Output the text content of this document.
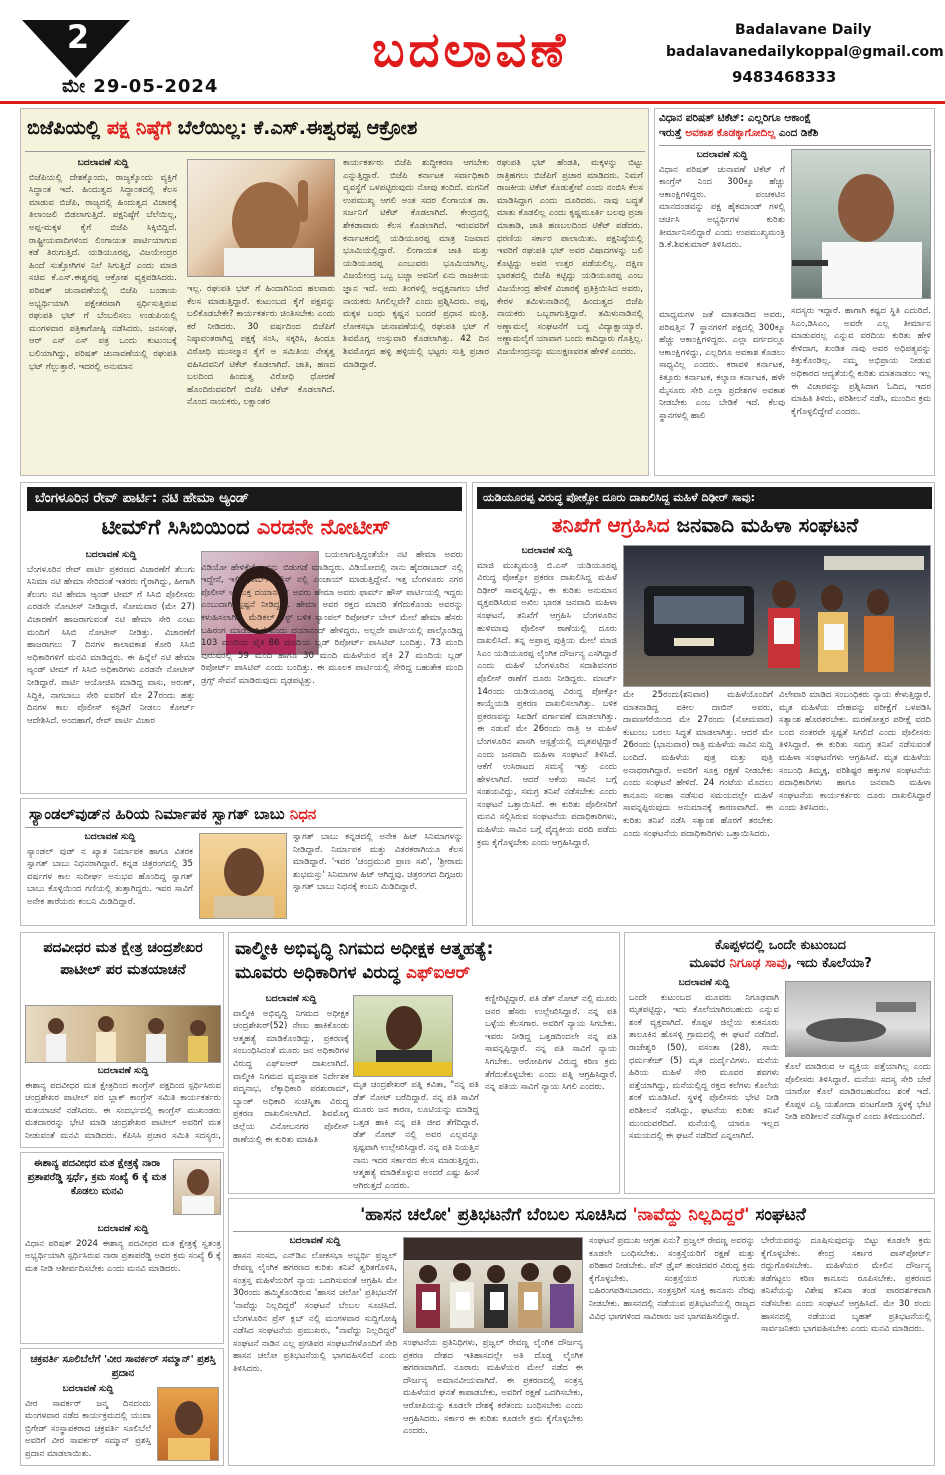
2
ಮೇ 29-05-2024
ಬದಲಾವಣೆ	Badalavane Daily
badalavanedailykoppal@gmail.com
9483468333
ಬಿಜೆಪಿಯಲ್ಲಿ ಪಕ್ಷ ನಿಷ್ಠೆಗೆ ಬೆಲೆಯಿಲ್ಲ: ಕೆ.ಎಸ್.ಈಶ್ವರಪ್ಪ ಆಕ್ರೋಶ
ಬದಲಾವಣೆ ಸುದ್ದಿ
ಬಿಜೆಪಿಯಲ್ಲಿ ದೇಶಕ್ಕೊಂದು, ರಾಜ್ಯಕ್ಕೊಂದು ವ್ಯಕ್ತಿಗೆ ಸಿದ್ಧಾಂತ ಇದೆ. ಹಿಂದುತ್ವದ ಸಿದ್ಧಾಂತದಲ್ಲಿ ಕೆಲಸ ಮಾಡುವ ಬಿಜೆಪಿ, ರಾಜ್ಯದಲ್ಲಿ ಹಿಂದುತ್ವದ ವಿಚಾರಕ್ಕೆ ತಿಲಾಂಜಲಿ ಬಿಡಲಾಗುತ್ತಿದೆ. ಪಕ್ಷನಿಷ್ಠೆಗೆ ಬೆಲೆಯಿಲ್ಲ, ಅಪ್ಪ-ಮಕ್ಕಳ ಕೈಗೆ ಬಿಜೆಪಿ ಸಿಕ್ಕಿಬಿದ್ದಿದೆ. ರಾಷ್ಟ್ರೀಯವಾದಿಗಳಿಂದ ಲಿಂಗಾಯತ ಪಾರ್ಟಿಯಾಗುವ ಕಡೆ ತಿರುಗುತ್ತಿದೆ. ಯಡಿಯೂರಪ್ಪ, ವಿಜಯೇಂದ್ರರ ಹಿಂದೆ ಸುತ್ತೋಗಿಗಳ ನಿಲೆ ಸಿಗುತ್ತಿದೆ ಎಂದು ಮಾಜಿ ಸಚಿವ ಕೆ.ಎಸ್.ಈಶ್ವರಪ್ಪ ಆಕ್ರೋಶ ವ್ಯಕ್ತಪಡಿಸಿದರು. ಪರಿಷತ್ ಚುನಾವಣೆಯಲ್ಲಿ ಬಿಜೆಪಿ ಬಂಡಾಯ ಅಭ್ಯರ್ಥಿಯಾಗಿ ಪಕ್ಷೇತರವಾಗಿ ಸ್ಪರ್ಧಿಸುತ್ತಿರುವ ರಘುಪತಿ ಭಟ್ ಗೆ ಬೆಂಬಲಿಸಲು ಉಡುಪಿಯಲ್ಲಿ ಮಂಗಳವಾರ ಪತ್ರಿಕಾಗೋಷ್ಠಿ ನಡೆಸಿದರು. ಜನಸಂಘ, ಆರ್ ಎಸ್ ಎಸ್ ಪತ್ರ ಒಂದು ಕುಟುಂಬಕ್ಕೆ ಬಲಿಯಾಗಿದ್ದು, ಪರಿಷತ್ ಚುನಾವಣೆಯಲ್ಲಿ ರಘುಪತಿ ಭಟ್ ಗೆಲ್ಲುತ್ತಾರೆ. ಇದರಲ್ಲಿ ಅನುಮಾನ
ಇಲ್ಲ. ರಘುಪತಿ ಭಟ್ ಗೆ ಹಿಂದಾಗಿನಿಂದ ಹಲವಾರು ಕೆಲಸ ಮಾಡುತ್ತಿದ್ದಾರೆ. ಕುಟುಂಬದ ಕೈಗೆ ಪಕ್ಷವನ್ನು ಬಲಿಕೊಡಬೇಕೇ? ಕಾರ್ಯಕರ್ತರು ಚಿಂತಿಸಬೇಕು ಎಂದು ಕರೆ ನೀಡಿದರು. 30 ವರ್ಷದಿಂದ ಬಿಜೆಪಿಗೆ ನಿಷ್ಠಾವಂತರಾಗಿದ್ದ ಪಕ್ಷಕ್ಕೆ ಸಂಸಿ, ಸಕ್ಕರಿಸಿ, ಹಿಂದೂ ವಿರೋಧಿ ಮುಸಲ್ಮಾನ ಕೈಗೆ ಅ ಸಮಿತಿಯ ನೇತೃತ್ವ ವಹಿಸಿದವನಿಗೆ ಟಿಕೆಟ್ ಕೊಡಲಾಗಿದೆ. ಜಾತಿ, ಹಣದ ಬಲದಿಂದ ಹಿಂದುತ್ವ ವಿರೋಧಿ ಧೋರಣೆ ಹೊಂದಿರುವವರಿಗೆ ಬಿಜೆಪಿ ಟಿಕೆಟ್ ಕೊಡಲಾಗಿದೆ. ನೊಂದ ನಾಯಕರು, ಲಕ್ಷಾಂತರ
ಕಾರ್ಯಕರ್ತರು ಬಿಜೆಪಿ ಶುದ್ಧೀಕರಣ ಆಗಬೇಕು ಎನ್ನುತ್ತಿದ್ದಾರೆ. ಬಿಜೆಪಿ ಕರ್ನಾಟಕ ಸರ್ವಾಧಿಕಾರಿ ವ್ಯವಸ್ಥೆಗೆ ಒಳಪಟ್ಟಿರುವುದು ನೋವು ತಂದಿದೆ. ಮಗನಿಗೆ ಉಪಮುಖ್ಯ ಆಗಲಿ ಅಂತ ಸದರ ಲಿಂಗಾಯತ ಡಾ. ಸರ್ಜನಿಗೆ ಟಿಕೆಟ್ ಕೊಡಲಾಗಿದೆ. ಕೇಂದ್ರದಲ್ಲಿ ಶೇಕಡಾವಾರು ಕೆಲಸ ಕೊಡಲಾಗಿದೆ. ಇರುವವರಿಗೆ ಕರ್ನಾಟಕದಲ್ಲಿ ಯಡಿಯೂರಪ್ಪ ಮಾತ್ರ ನಿಜವಾದ ಭೂಮಿಯಲ್ಲಿದ್ದಾರೆ. ಲಿಂಗಾಯತ ಜಾತಿ ಮತ್ತು ಯಡಿಯೂರಪ್ಪ ಎಂಬುವರು ಭೂಮಿಯಾಗಿಲ್ಲ. ವಿಜಯೇಂದ್ರ ಒಬ್ಬ ಬಚ್ಚಾ ಅವನಿಗೆ ಏನು ರಾಜಕೀಯ ಜ್ಞಾನ ಇದೆ. ಅದು ತಿಂಗಳಲ್ಲಿ ಅಧ್ಯಕ್ಷನಾಗಲು ಬೇರೆ ನಾಯಕರು ಸಿಗಲಿಲ್ಲವೇ? ಎಂದು ಪ್ರಶ್ನಿಸಿದರು. ಅಪ್ಪ, ಮಕ್ಕಳ ಬಂಧು ಕೃಷ್ಣನ ಬಂದರೆ ಪ್ರಧಾನ ಮಂತ್ರಿ. ಲೋಕಸಭಾ ಚುನಾವಣೆಯಲ್ಲಿ ರಘುಪತಿ ಭಟ್ ಗೆ ಶಿವಮೊಗ್ಗ ಉಸ್ತುವಾರಿ ಕೊಡಲಾಗಿತ್ತು. 42 ದಿನ ಶಿವಮೊಗ್ಗದ ಹಳ್ಳಿ ಹಳ್ಳಿಯಲ್ಲಿ ಭಟ್ಟರು ಸುತ್ತಿ ಪ್ರಚಾರ ಮಾಡಿದ್ದಾರೆ.
ರಘುಪತಿ ಭಟ್ ಹೆಂಡತಿ, ಮಕ್ಕಳನ್ನು ಬಿಟ್ಟು ರಾತ್ರಿಹಗಲು ಬಿಜೆಪಿಗೆ ಪ್ರಚಾರ ಮಾಡಿದರು. ನಿಮಗೆ ರಾಜಕೀಯ ಟಿಕೆಟ್ ಕೊಡುತ್ತೇವೆ ಎಂದು ನಂಬಿಸಿ ಕೆಲಸ ಮಾಡಿಸಿದ್ದಾಗ ಎಂದು ದೂರಿದರು. ನಾವು ಬದ್ಧತೆ ಮಾತು ಕೊಡಲಿಲ್ಲ ಎಂದು ಕೃಷ್ಣಮೂರ್ತಿ ಬಲವು ಪ್ರಜಾ ಮಾತಾಡಿ, ಜಾತಿ ಹಣಬಲದಿಂದ ಟಿಕೆಟ್ ಪಡೆದರು. ಧರಣಿಯ ಸರ್ಕಾರ ಪಾಲಾಯಿತು. ಪಕ್ಷನಿಷ್ಠೆಯಲ್ಲಿ ಇವರಿಗೆ ರಘುಪತಿ ಭಟ್ ಅವರ ವಿಷಾದಗಳನ್ನು ಬಲಿ ಕೊಟ್ಟಿದ್ದು ಅವರ ಉತ್ತರ ಪಡೆಯಲಿಲ್ಲ. ದಕ್ಷಿಣ ಭಾರತದಲ್ಲಿ ಬಿಜೆಪಿ ಕಟ್ಟಿದ್ದು ಯಡಿಯೂರಪ್ಪ ಎಂಬ ವಿಜಯೇಂದ್ರ ಹೇಳಿಕೆ ವಿಚಾರಕ್ಕೆ ಪ್ರತಿಕ್ರಿಯಿಸಿದ ಅವರು, ಕೇರಳ ತಮಿಳುನಾಡಿನಲ್ಲಿ ಹಿಂದುತ್ವದ ಬಿಜೆಪಿ ನಾಯಕರು ಒಬ್ಬರಾಗುತ್ತಿದ್ದಾರೆ. ತಮಿಳುನಾಡಿನಲ್ಲಿ ಅಣ್ಣಾಮಲೈ ಸಂಘಟನೆಗೆ ಬದ್ಧ ವಿದ್ಯಾಕ್ಷಾಯ್ಯಾರೆ. ಅಣ್ಣಾಮಲೈಗೆ ಯಾವಾಗ ಬಂದು ಕಾದಿದ್ದಾರು ಗೊತ್ತಿಲ್ಲ. ವಿಜಯೇಂದ್ರನನ್ನು ಮುಲಕ್ಷಣವರತ ಹೇಳಿಕೆ ಎಂದರು.
ವಿಧಾನ ಪರಿಷತ್ ಟಿಕೆಟ್: ಎಲ್ಲರಿಗೂ ಆಕಾಂಕ್ಷೆ
ಇರುತ್ತೆ ಅವಕಾಶ ಕೊಡಕ್ಕಾಗೋದಿಲ್ಲ ಎಂದ ಡಿಕೆಶಿ
ಬದಲಾವಣೆ ಸುದ್ದಿ
ವಿಧಾನ ಪರಿಷತ್ ಚುನಾವಣೆ ಟಿಕೆಟ್ ಗೆ ಕಾಂಗ್ರೆಸ್ ನಿಂದ 300ಕ್ಕೂ ಹೆಚ್ಚು ಆಕಾಂಕ್ಷಿಗಳಿದ್ದರು. ಪಂಚಕಟಿನ ಮಾನದಂಡವನ್ನು ಪಕ್ಷ ಹೈಕಮಾಂಡ್ ಗಳಲ್ಲಿ ಚರ್ಚಿಸಿ ಅಭ್ಯರ್ಥಿಗಳ ಕುರಿತು ತೀರ್ಮಾನಿಸಲಿದ್ದಾರೆ ಎಂದು ಉಪಮುಖ್ಯಮಂತ್ರಿ ಡಿ.ಕೆ.ಶಿವಕುಮಾರ್ ತಿಳಿಸಿದರು.
ಮಾಧ್ಯಮಗಳ ಜತೆ ಮಾತನಾಡಿದ ಅವರು, ಪರಿಷತ್ತಿನ 7 ಸ್ಥಾನಗಳಿಗೆ ಪಕ್ಷದಲ್ಲಿ 300ಕ್ಕೂ ಹೆಚ್ಚು ಆಕಾಂಕ್ಷಿಗಳಿದ್ದರು. ಎಲ್ಲಾ ವರ್ಗದಲ್ಲೂ ಆಕಾಂಕ್ಷಿಗಳಿದ್ದು, ಎಲ್ಲರಿಗೂ ಅವಕಾಶ ಕೊಡಲು ಸಾಧ್ಯವಿಲ್ಲ ಎಂದರು. ಕರಾವಳಿ ಕರ್ನಾಟಕ, ಕಿತ್ತೂರು ಕರ್ನಾಟಕ, ಕಲ್ಯಾಣ ಕರ್ನಾಟಕ, ಹಳೇ ಮೈಸೂರು ಸೇರಿ ಎಲ್ಲಾ ಪ್ರದೇಶಗಳ ಅವಕಾಶ ನೀಡಬೇಕು ಎಂಬ ಬೇಡಿಕೆ ಇದೆ. ಕೆಲವು ಸ್ಥಾನಗಳಲ್ಲಿ ಹಾಲಿ
ಸದಸ್ಯರು ಇದ್ದಾರೆ. ಹಾಗಾಗಿ ಕಷ್ಟದ ಸ್ಥಿತಿ ಎದುರಿದೆ. ಸಿಎಂ,ಡಿಸಿಎಂ, ಅವರೇ ಎಲ್ಲ ತೀರ್ಮಾನ ಮಾಡುವರಲ್ಲ ಎನ್ನುವ ವರದಿಯ ಕುರಿತು ಹೇಳಿ ಕೇಳಿದಾಗ, ಖಂಡಿತ ನಾವು ಅವರ ಅಧಿಪತ್ಯವನ್ನು ಕಿತ್ತುಕೊಂಡಿಲ್ಲ. ನಮ್ಮ ಅಭಿಪ್ರಾಯ ನೀಡುವ ಅಧಿಕಾರದ ಆದ್ಯತೆಯಲ್ಲಿ ಕುರಿತು ಮಾತನಾಡಲು ಇಲ್ಲ ಈ ವಿಚಾರವನ್ನು ಪ್ರಶ್ನಿಸಿದಾಗ ಓದಿದ, ಇದರ ಮಾಹಿತಿ ತಿಳಿದು, ಪರಿಶೀಲನೆ ನಡೆಸಿ, ಮುಂದಿನ ಕ್ರಮ ಕೈಗೊಳ್ಳಲಿದ್ದೇವೆ ಎಂದರು.
ಬೆಂಗಳೂರಿನ ರೇವ್ ಪಾರ್ಟಿ: ನಟಿ ಹೇಮಾ ಅ್ಯಂಡ್
ಟೀಮ್‌ಗೆ ಸಿಸಿಬಿಯಿಂದ ಎರಡನೇ ನೋಟೀಸ್
ಬದಲಾವಣೆ ಸುದ್ದಿ
ಬೆಂಗಳೂರಿನ ರೇವ್ ಪಾರ್ಟಿ ಪ್ರಕರಣದ ವಿಚಾರಣೆಗೆ ತೆಲುಗು ಸಿನಿಮಾ ನಟಿ ಹೇಮಾ ಸೇರಿದಂತೆ ಇತರರು ಗೈರಾಗಿದ್ದು, ಹೀಗಾಗಿ ತೆಲುಗು ನಟಿ ಹೇಮಾ ಆ್ಯಂಡ್ ಟೀಮ್ ಗೆ ಸಿಸಿಬಿ ಪೊಲೀಸರು ಎರಡನೇ ನೋಟೀಸ್ ನೀಡಿದ್ದಾರೆ. ಸೋಮವಾರ (ಮೇ 27) ವಿಚಾರಣೆಗೆ ಹಾಜರಾಗುವಂತೆ ನಟಿ ಹೇಮಾ ಸೇರಿ ಎಂಟು ಮಂದಿಗೆ ಸಿಸಿಬಿ ನೋಟೀಸ್ ನೀಡಿತ್ತು. ವಿಚಾರಣೆಗೆ ಹಾಜರಾಗಲು 7 ದಿನಗಳ ಕಾಲಾವಕಾಶ ಕೋರಿ ಸಿಸಿಬಿ ಅಧಿಕಾರಿಗಳಿಗೆ ಮನವಿ ಮಾಡಿದ್ದರು. ಈ ಹಿನ್ನೆಲೆ ನಟಿ ಹೇಮಾ ಅ್ಯಂಡ್ ಟೀಮ್ ಗೆ ಸಿಸಿಬಿ ಅಧಿಕಾರಿಗಳು ಎರಡನೇ ನೋಟೀಸ್ ನೀಡಿದ್ದಾರೆ. ಪಾರ್ಟಿ ಆಯೋಜಿಸಿ ಮಾಡಿದ್ದ ವಾಸು, ಅರುಣ್, ಸಿದ್ದಿಕಿ, ನಾಗಬಾಬು ಸೇರಿ ಐವರಿಗೆ ಮೇ 27ರಂದು ಹತ್ತು ದಿನಗಳ ಕಾಲ ಪೊಲೀಸ್ ಕಸ್ಟಡಿಗೆ ನೀಡಲು ಕೋರ್ಟ್ ಆದೇಶಿಸಿದೆ. ಅಂದಹಾಗೆ, ರೇವ್ ಪಾರ್ಟಿ ವಿಚಾರ
ಬಯಲಾಗುತ್ತಿದ್ದಂತೆಯೇ ನಟಿ ಹೇಮಾ ಅವರು ವಿಡಿಯೋ ಹೇಳಿಕೆಯೊಂದನ್ನು ಬಿಡುಗಡೆ ಮಾಡಿದ್ದರು. ವಿಡಿಯೋದಲ್ಲಿ ನಾನು ಹೈದರಾಬಾದ್ ನಲ್ಲಿ ಇದ್ದೇನೆ, ಇಲ್ಲಿ ಫಾರ್ಮ್ ಹೌಸ್ ನಲ್ಲಿ ಎಂಜಾಯ್ ಮಾಡುತ್ತಿದ್ದೇನೆ. ಇತ್ತ ಬೆಂಗಳೂರು ನಗರ ಪೊಲೀಸ್ ಆಯುಕ್ತ ದಯಾನಂದ್ ಅವರು ಹೇಮಾ ಅವರು ಫಾರ್ಮ್ ಹೌಸ್ ಪಾರ್ಟಿಯಲ್ಲಿ ಇದ್ದರು ಎಂಬುದಾಗಿ ಸ್ಪಷ್ಟನೆ ನೀಡಿದ್ದರು. ಹೇಮಾ ಅವರ ರಕ್ತದ ಮಾದರಿ ತೆಗೆದುಕೊಂಡು ಅವರನ್ನು ಕಳುಹಿಸಲಾಗಿದೆ, ಮೆಡಿಕಲ್ ಟೆಸ್ಟ್ ಬಳಿಕ ಸ್ಯಾಂಪಲ್ ರಿಪೋರ್ಟ್ ಬೇಲ್ ಮೇಲೆ ಹೇಮಾ ಹೆಸರು ಬಹಿರಂಗ ಮಾಡಲಾಗಿದೆ ಎಂದು ದಯಾನಂದ್ ಹೇಳಿದ್ದರು. ಅಲ್ಲದೇ ಪಾರ್ಟಿಯಲ್ಲಿ ಪಾಲ್ಗೊಂಡಿದ್ದ 103 ಮಂದಿಯ ಪೈಕಿ 86 ಮಂದಿಯ ಬ್ಲಡ್ ರಿಪೋರ್ಟ್ ಪಾಸಿಟಿವ್ ಬಂದಿತ್ತು. 73 ಮಂದಿ ಪುರುಷರಲ್ಲಿ 59 ಮಂದಿ ಹಾಗೂ 30 ಮಂದಿ ಮಹಿಳೆಯರ ಪೈಕಿ 27 ಮಂದಿಯ ಬ್ಲಡ್ ರಿಪೋರ್ಟ್ ಪಾಸಿಟಿವ್ ಎಂದು ಬಂದಿತ್ತು. ಈ ಮೂಲಕ ಪಾರ್ಟಿಯಲ್ಲಿ ಸೇರಿದ್ದ ಬಹುತೇಕ ಮಂದಿ ಡ್ರಗ್ಸ್ ಸೇವನೆ ಮಾಡಿರುವುದು ದೃಢಪಟ್ಟಿತ್ತು.
ಸ್ಯಾಂಡಲ್‌ವುಡ್‌ನ ಹಿರಿಯ ನಿರ್ಮಾಪಕ ಸ್ವಾಗತ್ ಬಾಬು ನಿಧನ
ಬದಲಾವಣೆ ಸುದ್ದಿ
ಸ್ಯಾಂಡಲ್ ವುಡ್ ನ ಖ್ಯಾತ ನಿರ್ಮಾಪಕ ಹಾಗೂ ವಿತರಕ ಸ್ವಾಗತ್ ಬಾಬು ನಿಧನರಾಗಿದ್ದಾರೆ. ಕನ್ನಡ ಚಿತ್ರರಂಗದಲ್ಲಿ 35 ವರ್ಷಗಳ ಕಾಲ ಸುದೀರ್ಘ ಅನುಭವ ಹೊಂದಿದ್ದ ಸ್ವಾಗತ್ ಬಾಬು ಕೊಳ್ಳಿಯಿಂದ ಗಣಿಯಲ್ಲಿ ತುತ್ತಾಗಿದ್ದರು. ಇವರ ಸಾವಿಗೆ ಅನೇಕ ತಾರೆಯರು ಕಂಬನಿ ಮಿಡಿದಿದ್ದಾರೆ.
ಸ್ವಾಗತ್ ಬಾಬು ಕನ್ನಡದಲ್ಲಿ ಅನೇಕ ಹಿಟ್ ಸಿನಿಮಾಗಳನ್ನು ನೀಡಿದ್ದಾರೆ. ನಿರ್ಮಾಪಕ ಮತ್ತು ವಿತರಕರಾಗಿಯೂ ಕೆಲಸ ಮಾಡಿದ್ದಾರೆ. 'ಇವರ 'ಚಂದ್ರಮುಖಿ ಪ್ರಾಣ ಸಖಿ', 'ಶ್ರೀರಾಮ ಶುಭಮಸ್ತು' ಸಿನಿಮಾಗಳ ಹಿಟ್ ಆಗಿದ್ದವು. ಚಿತ್ರರಂಗದ ದಿಗ್ಗಜರು ಸ್ವಾಗತ್ ಬಾಬು ನಿಧನಕ್ಕೆ ಕಂಬನಿ ಮಿಡಿದಿದ್ದಾರೆ.
ಯಡಿಯೂರಪ್ಪ ವಿರುದ್ಧ ಪೋಕ್ಸೋ ದೂರು ದಾಖಲಿಸಿದ್ದ ಮಹಿಳೆ ದಿಢೀರ್ ಸಾವು:
ತನಿಖೆಗೆ ಆಗ್ರಹಿಸಿದ ಜನವಾದಿ ಮಹಿಳಾ ಸಂಘಟನೆ
ಬದಲಾವಣೆ ಸುದ್ದಿ
ಮಾಜಿ ಮುಖ್ಯಮಂತ್ರಿ ಬಿ.ಎಸ್ ಯಡಿಯೂರಪ್ಪ ವಿರುದ್ಧ ಪೋಕ್ಸೋ ಪ್ರಕರಣ ದಾಖಲಿಸಿದ್ದ ಮಹಿಳೆ ದಿಢೀರ್ ಸಾವನ್ನಪ್ಪಿದ್ದು, ಈ ಕುರಿತು ಅನುಮಾನ ವ್ಯಕ್ತಪಡಿಸಿರುವ ಅಖಿಲ ಭಾರತ ಜನವಾದಿ ಮಹಿಳಾ ಸಂಘಟನೆ, ತನಿಖೆಗೆ ಆಗ್ರಹಿಸಿ ಬೆಂಗಳೂರಿನ ಹುಳಿಮಾವು ಪೊಲೀಸ್ ಠಾಣೆಯಲ್ಲಿ ದೂರು ದಾಖಲಿಸಿದೆ. ತನ್ನ ಅಪ್ರಾಪ್ತ ಪುತ್ರಿಯ ಮೇಲೆ ಮಾಜಿ ಸಿಎಂ ಯಡಿಯೂರಪ್ಪ ಲೈಂಗಿಕ ದೌರ್ಜನ್ಯ ಎಸಗಿದ್ದಾರೆ ಎಂದು ಮಹಿಳೆ ಬೆಂಗಳೂರಿನ ಸದಾಶಿವನಗರ ಪೊಲೀಸ್ ಠಾಣೆಗೆ ದೂರು ನೀಡಿದ್ದರು. ಮಾರ್ಚ್ 14ರಂದು ಯಡಿಯೂರಪ್ಪ ವಿರುದ್ಧ ಪೋಕ್ಸೋ ಕಾಯ್ದೆಯಡಿ ಪ್ರಕರಣ ದಾಖಲಿಸಲಾಗಿತ್ತು. ಬಳಿಕ ಪ್ರಕರಣವನ್ನು ಸಿಐಡಿಗೆ ವರ್ಗಾವಣೆ ಮಾಡಲಾಗಿತ್ತು. ಈ ನಡುವೆ ಮೇ 26ರಂದು ರಾತ್ರಿ ಆ ಮಹಿಳೆ ಬೆಂಗಳೂರಿನ ಖಾಸಗಿ ಆಸ್ಪತ್ರೆಯಲ್ಲಿ ಮೃತಪಟ್ಟಿದ್ದಾರೆ ಎಂದು ಜನವಾದಿ ಮಹಿಳಾ ಸಂಘಟನೆ ತಿಳಿಸಿದೆ. ಆಕೆಗೆ ಉಸಿರಾಟದ ಸಮಸ್ಯೆ ಇತ್ತು ಎಂದು ಹೇಳಲಾಗಿದೆ. ಆದರೆ ಆಕೆಯ ಸಾವಿನ ಬಗ್ಗೆ ಸಂಶಯವಿದ್ದು, ಸಮಗ್ರ ತನಿಖೆ ನಡೆಸಬೇಕು ಎಂದು ಸಂಘಟನೆ ಒತ್ತಾಯಿಸಿದೆ. ಈ ಕುರಿತು ಪೊಲೀಸರಿಗೆ ಮನವಿ ಸಲ್ಲಿಸಿರುವ ಸಂಘಟನೆಯ ಪದಾಧಿಕಾರಿಗಳು, ಮಹಿಳೆಯ ಸಾವಿನ ಬಗ್ಗೆ ವೈದ್ಯಕೀಯ ವರದಿ ಪಡೆದು ಕ್ರಮ ಕೈಗೊಳ್ಳಬೇಕು ಎಂದು ಆಗ್ರಹಿಸಿದ್ದಾರೆ.
ಮೇ 25ರಂದು(ಶನಿವಾರ) ಮಹಿಳೆಯೊಂದಿಗೆ ಮಾತನಾಡಿದ್ದ ವಕೀಲ ದಾಬಿನ್ ಅವರು, ದಾವಣಗೆರೆಯಿಂದ ಮೇ 27ರಂದು (ಸೋಮವಾರ) ಕುಟುಂಬ ಬರಲು ಸಿದ್ಧತೆ ಮಾಡಲಾಗಿತ್ತು. ಆದರೆ ಮೇ 26ರಂದು (ಭಾನುವಾರ) ರಾತ್ರಿ ಮಹಿಳೆಯ ಸಾವಿನ ಸುದ್ದಿ ಬಂದಿದೆ. ಮಹಿಳೆಯ ಪುತ್ರ ಮತ್ತು ಪುತ್ರಿ ಅನಾಥರಾಗಿದ್ದಾರೆ. ಅವರಿಗೆ ಸೂಕ್ತ ರಕ್ಷಣೆ ನೀಡಬೇಕು ಎಂದು ಸಂಘಟನೆ ಹೇಳಿದೆ. 24 ಗಂಟೆಯ ಮೊದಲು ಕಾನೂನು ಸಲಹಾ ನಡೆಸುವ ಸಮಯದಲ್ಲೇ ಮಹಿಳೆ ಸಾವನ್ನಪ್ಪಿರುವುದು ಅನುಮಾನಕ್ಕೆ ಕಾರಣವಾಗಿದೆ. ಈ ಕುರಿತು ತನಿಖೆ ನಡೆಸಿ ಸತ್ಯಾಂಶ ಹೊರಗೆ ತರಬೇಕು ಎಂದು ಸಂಘಟನೆಯ ಪದಾಧಿಕಾರಿಗಳು ಒತ್ತಾಯಿಸಿದರು.
ವಿಲೇವಾರಿ ಮಾಡಿದ ಸಂಬಂಧಿಕರು ನ್ಯಾಯ ಕೇಳುತ್ತಿದ್ದಾರೆ. ಮೃತ ಮಹಿಳೆಯ ದೇಹವನ್ನು ಪರೀಕ್ಷೆಗೆ ಒಳಪಡಿಸಿ ಸತ್ಯಾಂಶ ಹೊರತರಬೇಕು. ಮರಣೋತ್ತರ ಪರೀಕ್ಷೆ ವರದಿ ಬಂದ ನಂತರವೇ ಸ್ಪಷ್ಟತೆ ಸಿಗಲಿದೆ ಎಂದು ಪೊಲೀಸರು ತಿಳಿಸಿದ್ದಾರೆ. ಈ ಕುರಿತು ಸಮಗ್ರ ತನಿಖೆ ನಡೆಸುವಂತೆ ಮಹಿಳಾ ಸಂಘಟನೆಗಳು ಆಗ್ರಹಿಸಿವೆ. ಮೃತ ಮಹಿಳೆಯ ಸಂಬಂಧಿ ತಿಮ್ಮಕ್ಕ, ಪರಿಶಿಷ್ಟರ ಹಕ್ಕುಗಳ ಸಂಘಟನೆಯ ಪದಾಧಿಕಾರಿಗಳು ಹಾಗೂ ಜನವಾದಿ ಮಹಿಳಾ ಸಂಘಟನೆಯ ಕಾರ್ಯಕರ್ತರು ದೂರು ದಾಖಲಿಸಿದ್ದಾರೆ ಎಂದು ತಿಳಿಸಿದರು.
ಪದವೀಧರ ಮತ ಕ್ಷೇತ್ರ ಚಂದ್ರಶೇಖರ ಪಾಟೀಲ್ ಪರ ಮತಯಾಚನೆ
ಬದಲಾವಣೆ ಸುದ್ದಿ
ಈಶಾನ್ಯ ಪದವೀಧರ ಮತ ಕ್ಷೇತ್ರದಿಂದ ಕಾಂಗ್ರೆಸ್ ಪಕ್ಷದಿಂದ ಸ್ಪರ್ಧಿಸಿರುವ ಚಂದ್ರಶೇಖರ ಪಾಟೀಲ್ ಪರ ಬ್ಲಾಕ್ ಕಾಂಗ್ರೆಸ್ ಸಮಿತಿ ಕಾರ್ಯಕರ್ತರು ಮತಯಾಚನೆ ನಡೆಸಿದರು. ಈ ಸಂದರ್ಭದಲ್ಲಿ ಕಾಂಗ್ರೆಸ್ ಮುಖಂಡರು ಮತದಾರರನ್ನು ಭೇಟಿ ಮಾಡಿ ಚಂದ್ರಶೇಖರ ಪಾಟೀಲ್ ಅವರಿಗೆ ಮತ ನೀಡುವಂತೆ ಮನವಿ ಮಾಡಿದರು. ಕೆಪಿಸಿಸಿ ಪ್ರಚಾರ ಸಮಿತಿ ಸದಸ್ಯರು,
ಈಶಾನ್ಯ ಪದವೀಧರ ಮತ ಕ್ಷೇತ್ರಕ್ಕೆ ನಾರಾ ಪ್ರತಾಪರೆಡ್ಡಿ ಸ್ಪರ್ಧೆ, ಕ್ರಮ ಸಂಖ್ಯೆ 6 ಕ್ಕೆ ಮತ ಕೊಡಲು ಮನವಿ
ಬದಲಾವಣೆ ಸುದ್ದಿ
ವಿಧಾನ ಪರಿಷತ್ 2024 ಈಶಾನ್ಯ ಪದವೀಧರ ಮತ ಕ್ಷೇತ್ರಕ್ಕೆ ಸ್ವತಂತ್ರ ಅಭ್ಯರ್ಥಿಯಾಗಿ ಸ್ಪರ್ಧಿಸಿರುವ ನಾರಾ ಪ್ರತಾಪರೆಡ್ಡಿ ಅವರ ಕ್ರಮ ಸಂಖ್ಯೆ 6 ಕ್ಕೆ ಮತ ನೀಡಿ ಆಶೀರ್ವದಿಸಬೇಕು ಎಂದು ಮನವಿ ಮಾಡಿದರು.
ಚಕ್ರವರ್ತಿ ಸೂಲಿಬೆಲೆಗೆ 'ವೀರ ಸಾವರ್ಕರ್ ಸಮ್ಮಾನ್' ಪ್ರಶಸ್ತಿ ಪ್ರದಾನ
ಬದಲಾವಣೆ ಸುದ್ದಿ
ವೀರ ಸಾವರ್ಕರ್ ಜನ್ಮ ದಿನದಂದು ಮಂಗಳವಾರ ನಡೆದ ಕಾರ್ಯಕ್ರಮದಲ್ಲಿ ಯುವಾ ಬ್ರಿಗೇಡ್ ಸಂಸ್ಥಾಪಕರಾದ ಚಕ್ರವರ್ತಿ ಸೂಲಿಬೆಲೆ ಅವರಿಗೆ ವೀರ ಸಾವರ್ಕರ್ ಸಮ್ಮಾನ್ ಪ್ರಶಸ್ತಿ ಪ್ರದಾನ ಮಾಡಲಾಯಿತು.
ವಾಲ್ಮೀಕಿ ಅಭಿವೃದ್ಧಿ ನಿಗಮದ ಅಧೀಕ್ಷಕ ಆತ್ಮಹತ್ಯೆ:
ಮೂವರು ಅಧಿಕಾರಿಗಳ ವಿರುದ್ಧ ಎಫ್ಐಆರ್
ಬದಲಾವಣೆ ಸುದ್ದಿ
ವಾಲ್ಮೀಕಿ ಅಭಿವೃದ್ಧಿ ನಿಗಮದ ಅಧೀಕ್ಷಕ ಚಂದ್ರಶೇಖರ್(52) ನೇಣು ಹಾಕಿಕೊಂಡು ಆತ್ಮಹತ್ಯೆ ಮಾಡಿಕೊಂಡಿದ್ದು, ಪ್ರಕರಣಕ್ಕೆ ಸಂಬಂಧಿಸಿದಂತೆ ಮೂರು ಜನ ಅಧಿಕಾರಿಗಳ ವಿರುದ್ಧ ಎಫ್ಐಆರ್ ದಾಖಲಾಗಿದೆ. ವಾಲ್ಮೀಕಿ ನಿಗಮದ ವ್ಯವಸ್ಥಾಪಕ ನಿರ್ದೇಶಕ ಪದ್ಮನಾಭ, ಲೆಕ್ಕಾಧಿಕಾರಿ ಪರಶುರಾಮ್, ಬ್ಯಾಂಕ್ ಅಧಿಕಾರಿ ಸುಚಿಸ್ಮಿತಾ ವಿರುದ್ಧ ಪ್ರಕರಣ ದಾಖಲಿಸಲಾಗಿದೆ. ಶಿವಮೊಗ್ಗ ಜಿಲ್ಲೆಯ ವಿನೋಬನಗರ ಪೊಲೀಸ್ ಠಾಣೆಯಲ್ಲಿ ಈ ಕುರಿತು ಮಾಹಿತಿ
ಮೃತ ಚಂದ್ರಶೇಖರ್ ಪತ್ನಿ ಕವಿತಾ, "ನನ್ನ ಪತಿ ಡೆತ್ ನೋಟ್ ಬರೆದಿದ್ದಾರೆ. ನನ್ನ ಪತಿ ಸಾವಿಗೆ ಮೂರು ಜನ ಕಾರಣ, ಲೂಟಿಯನ್ನು ಮಾಡಿದ್ದ ಒತ್ತಡ ಹಾಕಿ ನನ್ನ ಪತಿ ಜೀವ ತೆಗೆದಿದ್ದಾರೆ. ಡೆತ್ ನೋಟ್ ನಲ್ಲಿ ಅವರ ಎಲ್ಲವನ್ನೂ ಸ್ಪಷ್ಟವಾಗಿ ಉಲ್ಲೇಖಿಸಿದ್ದಾರೆ. ನನ್ನ ಪತಿ ನಿಯತ್ತಿನ ನಾನು ಇದರ ಸರ್ಕಾರದ ಕೆಲಸ ಮಾಡುತ್ತಿದ್ದರು. ಆತ್ಮಹತ್ಯೆ ಮಾಡಿಕೊಳ್ಳುವ ಅಂದರೆ ಎಷ್ಟು ಹಿಂಸೆ ಆಗಿರುತ್ತದೆ ಎಂದರು.
ಕಣ್ಣೀರಿಟ್ಟಿದ್ದಾರೆ. ಪತಿ ಡೆತ್ ನೋಟ್ ನಲ್ಲಿ ಮೂರು ಜನರ ಹೆಸರು ಉಲ್ಲೇಖಿಸಿದ್ದಾರೆ. ನನ್ನ ಪತಿ ಒಳ್ಳೆಯ ಕೆಲಸಗಾರ. ಅವರಿಗೆ ನ್ಯಾಯ ಸಿಗಬೇಕು. ಇವರು ನೀಡಿದ್ದ ಒತ್ತಡದಿಂದಲೇ ನನ್ನ ಪತಿ ಸಾವನ್ನಪ್ಪಿದ್ದಾರೆ. ನನ್ನ ಪತಿ ಸಾವಿಗೆ ನ್ಯಾಯ ಸಿಗಬೇಕು. ಆರೋಪಿಗಳ ವಿರುದ್ಧ ಕಠಿಣ ಕ್ರಮ ತೆಗೆದುಕೊಳ್ಳಬೇಕು ಎಂದು ಪತ್ನಿ ಆಗ್ರಹಿಸಿದ್ದಾರೆ. ನನ್ನ ಪತಿಯ ಸಾವಿಗೆ ನ್ಯಾಯ ಸಿಗಲಿ ಎಂದರು.
ಕೊಪ್ಪಳದಲ್ಲಿ ಒಂದೇ ಕುಟುಂಬದ
ಮೂವರ ನಿಗೂಢ ಸಾವು, ಇದು ಕೊಲೆಯಾ?
ಬದಲಾವಣೆ ಸುದ್ದಿ
ಒಂದೇ ಕುಟುಂಬದ ಮೂವರು ನಿಗೂಢವಾಗಿ ಮೃತಪಟ್ಟಿದ್ದು, ಇದು ಕೊಲೆಯಾಗಿರಬಹುದು ಎನ್ನುವ ಶಂಕೆ ವ್ಯಕ್ತವಾಗಿದೆ. ಕೊಪ್ಪಳ ಜಿಲ್ಲೆಯ ಕುಕನೂರು ತಾಲೂಕಿನ ಹೊಸಳ್ಳಿ ಗ್ರಾಮದಲ್ಲಿ ಈ ಘಟನೆ ನಡೆದಿದೆ. ರಾಜೇಶ್ವರಿ (50), ವಸಂತಾ (28), ಸಾಯಿ ಧರ್ಮತೇಜ್ (5) ಮೃತ ದುರ್ದೈವಿಗಳು. ಮನೆಯ ಹಿರಿಯ ಮಹಿಳೆ ಸೇರಿ ಮೂವರ ಶವಗಳು ಪತ್ತೆಯಾಗಿದ್ದು, ಮನೆಯಲ್ಲಿದ್ದ ರಕ್ತದ ಕಲೆಗಳು ಕೊಲೆಯ ಶಂಕೆ ಮೂಡಿಸಿವೆ. ಸ್ಥಳಕ್ಕೆ ಪೊಲೀಸರು ಭೇಟಿ ನೀಡಿ ಪರಿಶೀಲನೆ ನಡೆಸಿದ್ದು, ಘಟನೆಯ ಕುರಿತು ತನಿಖೆ ಮುಂದುವರೆದಿದೆ. ಮನೆಯಲ್ಲಿ ಯಾರೂ ಇಲ್ಲದ ಸಮಯದಲ್ಲಿ ಈ ಘಟನೆ ನಡೆದಿದೆ ಎನ್ನಲಾಗಿದೆ.
ಕೊಲೆ ಮಾಡಿರುವ ಆ ವ್ಯಕ್ತಿಯ ಪತ್ತೆಯಾಗಿಲ್ಲ ಎಂದು ಪೊಲೀಸರು ತಿಳಿಸಿದ್ದಾರೆ. ಮನೆಯ ಸದಸ್ಯ ಸೇರಿ ಬೇರೆ ಯಾರೋ ಕೊಲೆ ಮಾಡಿರಬಹುದೆಂಬ ಶಂಕೆ ಇದೆ. ಕೊಪ್ಪಳ ಎಸ್ಪಿ ಯಶೋದಾ ವಂಟಗೋಡಿ ಸ್ಥಳಕ್ಕೆ ಭೇಟಿ ನೀಡಿ ಪರಿಶೀಲನೆ ನಡೆಸಿದ್ದಾರೆ ಎಂದು ತಿಳಿದುಬಂದಿದೆ.
'ಹಾಸನ ಚಲೋ' ಪ್ರತಿಭಟನೆಗೆ ಬೆಂಬಲ ಸೂಚಿಸಿದ 'ನಾವೆದ್ದು ನಿಲ್ಲದಿದ್ದರೆ' ಸಂಘಟನೆ
ಬದಲಾವಣೆ ಸುದ್ದಿ
ಹಾಸನ ಸಂಸದ, ಎನ್‌ಡಿಎ ಲೋಕಸಭಾ ಅಭ್ಯರ್ಥಿ ಪ್ರಜ್ವಲ್ ರೇವಣ್ಣ ಲೈಂಗಿಕ ಹಗರಣದ ಕುರಿತು ತನಿಖೆ ತ್ವರಿತಗೊಳಿಸಿ, ಸಂತ್ರಸ್ತ ಮಹಿಳೆಯರಿಗೆ ನ್ಯಾಯ ಒದಗಿಸುವಂತೆ ಆಗ್ರಹಿಸಿ ಮೇ 30ರಂದು ಹಮ್ಮಿಕೊಂಡಿರುವ 'ಹಾಸನ ಚಲೋ' ಪ್ರತಿಭಟನೆಗೆ 'ನಾವೆದ್ದು ನಿಲ್ಲದಿದ್ದರೆ' ಸಂಘಟನೆ ಬೆಂಬಲ ಸೂಚಿಸಿದೆ. ಬೆಂಗಳೂರಿನ ಪ್ರೆಸ್ ಕ್ಲಬ್ ನಲ್ಲಿ ಮಂಗಳವಾರ ಸುದ್ದಿಗೋಷ್ಠಿ ನಡೆಸಿದ ಸಂಘಟನೆಯ ಪ್ರಮುಖರು, "ನಾವೆದ್ದು ನಿಲ್ಲದಿದ್ದರೆ' ಸಂಘಟನೆ ನಾಡಿನ ಎಲ್ಲ ಪ್ರಗತಿಪರ ಸಂಘಟನೆಗಳೊಂದಿಗೆ ಸೇರಿ ಹಾಸನ ಚಲೋ ಪ್ರತಿಭಟನೆಯಲ್ಲಿ ಭಾಗವಹಿಸಲಿದೆ ಎಂದು ತಿಳಿಸಿದರು.
ಸಂಘಟನೆಯ ಪ್ರತಿನಿಧಿಗಳು, ಪ್ರಜ್ವಲ್ ರೇವಣ್ಣ ಲೈಂಗಿಕ ದೌರ್ಜನ್ಯ ಪ್ರಕರಣ ದೇಶದ ಇತಿಹಾಸದಲ್ಲೇ ಅತಿ ದೊಡ್ಡ ಲೈಂಗಿಕ ಹಗರಣವಾಗಿದೆ. ನೂರಾರು ಮಹಿಳೆಯರ ಮೇಲೆ ನಡೆದ ಈ ದೌರ್ಜನ್ಯ ಅಮಾನವೀಯವಾಗಿದೆ. ಈ ಪ್ರಕರಣದಲ್ಲಿ ಸಂತ್ರಸ್ತ ಮಹಿಳೆಯರ ಘನತೆ ಕಾಪಾಡಬೇಕು, ಅವರಿಗೆ ರಕ್ಷಣೆ ಒದಗಿಸಬೇಕು, ಆರೋಪಿಯನ್ನು ಕೂಡಲೇ ದೇಶಕ್ಕೆ ಕರೆತಂದು ಬಂಧಿಸಬೇಕು ಎಂದು ಆಗ್ರಹಿಸಿದರು. ಸರ್ಕಾರ ಈ ಕುರಿತು ಕೂಡಲೇ ಕ್ರಮ ಕೈಗೊಳ್ಳಬೇಕು ಎಂದರು.
ಸಂಘಟನೆ ಪ್ರಮುಖ ಆಗ್ರಹ ಏನು? ಪ್ರಜ್ವಲ್ ರೇವಣ್ಣ ಅವರನ್ನು ಕೂಡಲೇ ಬಂಧಿಸಬೇಕು. ಸಂತ್ರಸ್ತೆಯರಿಗೆ ರಕ್ಷಣೆ ಮತ್ತು ಪರಿಹಾರ ನೀಡಬೇಕು. ಪೆನ್ ಡ್ರೈವ್ ಹಂಚಿದವರ ವಿರುದ್ಧ ಕ್ರಮ ಕೈಗೊಳ್ಳಬೇಕು. ಸಂತ್ರಸ್ತೆಯರ ಗುರುತು ಬಹಿರಂಗಪಡಿಸಬಾರದು. ಸಂತ್ರಸ್ತರಿಗೆ ಸೂಕ್ತ ಕಾನೂನು ನೆರವು ನೀಡಬೇಕು. ಹಾಸನದಲ್ಲಿ ನಡೆಯುವ ಪ್ರತಿಭಟನೆಯಲ್ಲಿ ರಾಜ್ಯದ ವಿವಿಧ ಭಾಗಗಳಿಂದ ಸಾವಿರಾರು ಜನ ಭಾಗವಹಿಸಲಿದ್ದಾರೆ.
ಬೇರೆಯವರನ್ನು ದೂಷಿಸುವುದನ್ನು ಬಿಟ್ಟು ಕೂಡಲೇ ಕ್ರಮ ಕೈಗೊಳ್ಳಬೇಕು. ಕೇಂದ್ರ ಸರ್ಕಾರ ಪಾಸ್‌ಪೋರ್ಟ್ ರದ್ದುಗೊಳಿಸಬೇಕು. ಮಹಿಳೆಯರ ಮೇಲಿನ ದೌರ್ಜನ್ಯ ತಡೆಗಟ್ಟಲು ಕಠಿಣ ಕಾನೂನು ರೂಪಿಸಬೇಕು. ಪ್ರಕರಣದ ತನಿಖೆಯನ್ನು ವಿಶೇಷ ತನಿಖಾ ತಂಡ ಪಾರದರ್ಶಕವಾಗಿ ನಡೆಸಬೇಕು ಎಂದು ಸಂಘಟನೆ ಆಗ್ರಹಿಸಿದೆ. ಮೇ 30 ರಂದು ಹಾಸನದಲ್ಲಿ ನಡೆಯುವ ಬೃಹತ್ ಪ್ರತಿಭಟನೆಯಲ್ಲಿ ಸಾರ್ವಜನಿಕರು ಭಾಗವಹಿಸಬೇಕು ಎಂದು ಮನವಿ ಮಾಡಿದರು.
